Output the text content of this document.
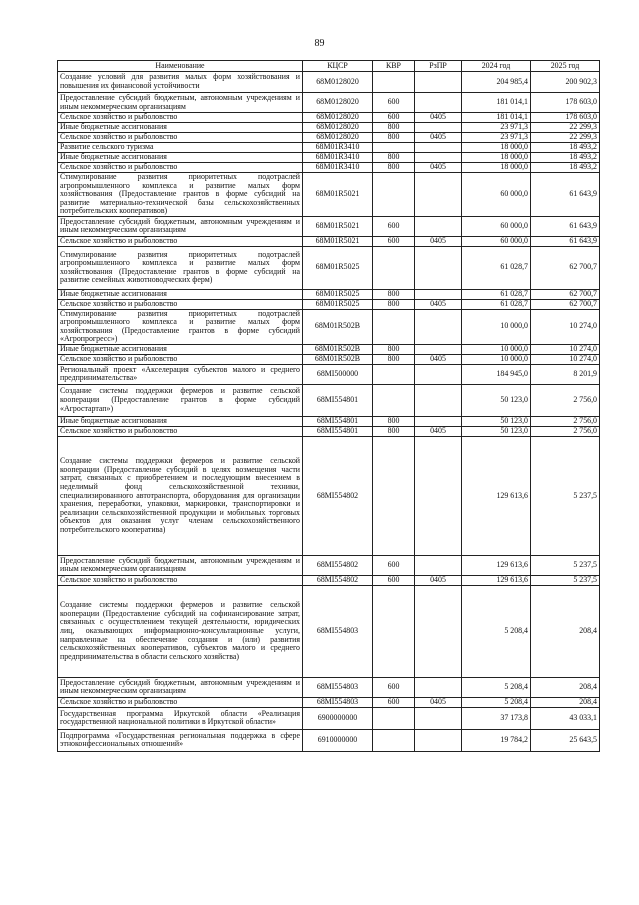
89
Наименование	КЦСР	КВР	РзПР	2024 год	2025 год
Создание условий для развития малых форм хозяйствования и повышения их финансовой устойчивости	68М0128020			204 985,4	200 902,3
Предоставление субсидий бюджетным, автономным учреждениям и иным некоммерческим организациям	68М0128020	600		181 014,1	178 603,0
Сельское хозяйство и рыболовство	68М0128020	600	0405	181 014,1	178 603,0
Иные бюджетные ассигнования	68М0128020	800		23 971,3	22 299,3
Сельское хозяйство и рыболовство	68М0128020	800	0405	23 971,3	22 299,3
Развитие сельского туризма	68М01R3410			18 000,0	18 493,2
Иные бюджетные ассигнования	68М01R3410	800		18 000,0	18 493,2
Сельское хозяйство и рыболовство	68М01R3410	800	0405	18 000,0	18 493,2
Стимулирование развития приоритетных подотраслей агропромышленного комплекса и развитие малых форм хозяйствования (Предоставление грантов в форме субсидий на развитие материально-технической базы сельскохозяйственных потребительских кооперативов)	68М01R5021			60 000,0	61 643,9
Предоставление субсидий бюджетным, автономным учреждениям и иным некоммерческим организациям	68М01R5021	600		60 000,0	61 643,9
Сельское хозяйство и рыболовство	68М01R5021	600	0405	60 000,0	61 643,9
Стимулирование развития приоритетных подотраслей агропромышленного комплекса и развитие малых форм хозяйствования (Предоставление грантов в форме субсидий на развитие семейных животноводческих ферм)	68М01R5025			61 028,7	62 700,7
Иные бюджетные ассигнования	68М01R5025	800		61 028,7	62 700,7
Сельское хозяйство и рыболовство	68М01R5025	800	0405	61 028,7	62 700,7
Стимулирование развития приоритетных подотраслей агропромышленного комплекса и развитие малых форм хозяйствования (Предоставление грантов в форме субсидий «Агропрогресс»)	68М01R502В			10 000,0	10 274,0
Иные бюджетные ассигнования	68М01R502В	800		10 000,0	10 274,0
Сельское хозяйство и рыболовство	68М01R502В	800	0405	10 000,0	10 274,0
Региональный проект «Акселерация субъектов малого и среднего предпринимательства»	68МI500000			184 945,0	8 201,9
Создание системы поддержки фермеров и развитие сельской кооперации (Предоставление грантов в форме субсидий «Агростартап»)	68МI554801			50 123,0	2 756,0
Иные бюджетные ассигнования	68МI554801	800		50 123,0	2 756,0
Сельское хозяйство и рыболовство	68МI554801	800	0405	50 123,0	2 756,0
Создание системы поддержки фермеров и развитие сельской кооперации (Предоставление субсидий в целях возмещения части затрат, связанных с приобретением и последующим внесением в неделимый фонд сельскохозяйственной техники, специализированного автотранспорта, оборудования для организации хранения, переработки, упаковки, маркировки, транспортировки и реализации сельскохозяйственной продукции и мобильных торговых объектов для оказания услуг членам сельскохозяйственного потребительского кооператива)	68МI554802			129 613,6	5 237,5
Предоставление субсидий бюджетным, автономным учреждениям и иным некоммерческим организациям	68МI554802	600		129 613,6	5 237,5
Сельское хозяйство и рыболовство	68МI554802	600	0405	129 613,6	5 237,5
Создание системы поддержки фермеров и развитие сельской кооперации (Предоставление субсидий на софинансирование затрат, связанных с осуществлением текущей деятельности, юридических лиц, оказывающих информационно-консультационные услуги, направленные на обеспечение создания и (или) развития сельскохозяйственных кооперативов, субъектов малого и среднего предпринимательства в области сельского хозяйства)	68МI554803			5 208,4	208,4
Предоставление субсидий бюджетным, автономным учреждениям и иным некоммерческим организациям	68МI554803	600		5 208,4	208,4
Сельское хозяйство и рыболовство	68МI554803	600	0405	5 208,4	208,4
Государственная программа Иркутской области «Реализация государственной национальной политики в Иркутской области»	6900000000			37 173,8	43 033,1
Подпрограмма «Государственная региональная поддержка в сфере этноконфессиональных отношений»	6910000000			19 784,2	25 643,5
